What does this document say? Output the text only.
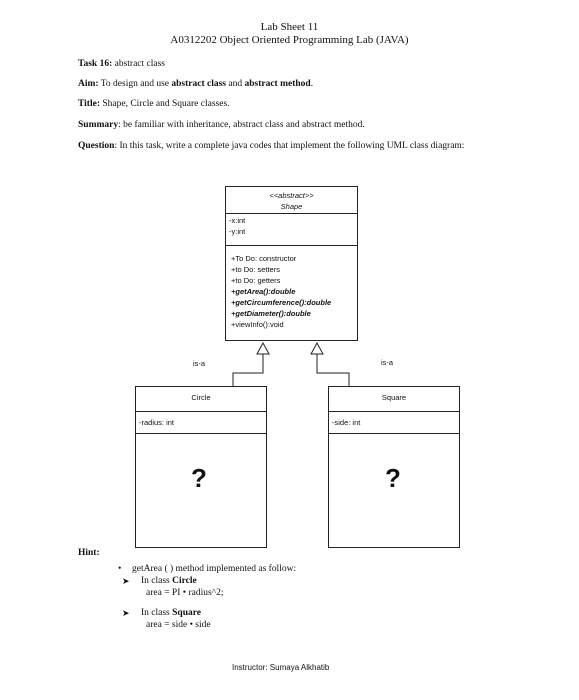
Lab Sheet 11
A0312202 Object Oriented Programming Lab (JAVA)
Task 16: abstract class
Aim: To design and use abstract class and abstract method.
Title: Shape, Circle and Square classes.
Summary: be familiar with inheritance, abstract class and abstract method.
Question: In this task, write a complete java codes that implement the following UML class diagram:
<<abstract>>
Shape
-x:int
-y:int
+To Do: constructor
+to Do: setters
+to Do: getters
+getArea():double
+getCircumference():double
+getDiameter():double
+viewInfo():void
is-a	is-a
Circle
-radius: int
?
Square
-side: int
?
Hint:
• getArea ( ) method implemented as follow:
➤ In class Circle
area = PI • radius^2;
➤ In class Square
area = side • side
Instructor: Sumaya Alkhatib
